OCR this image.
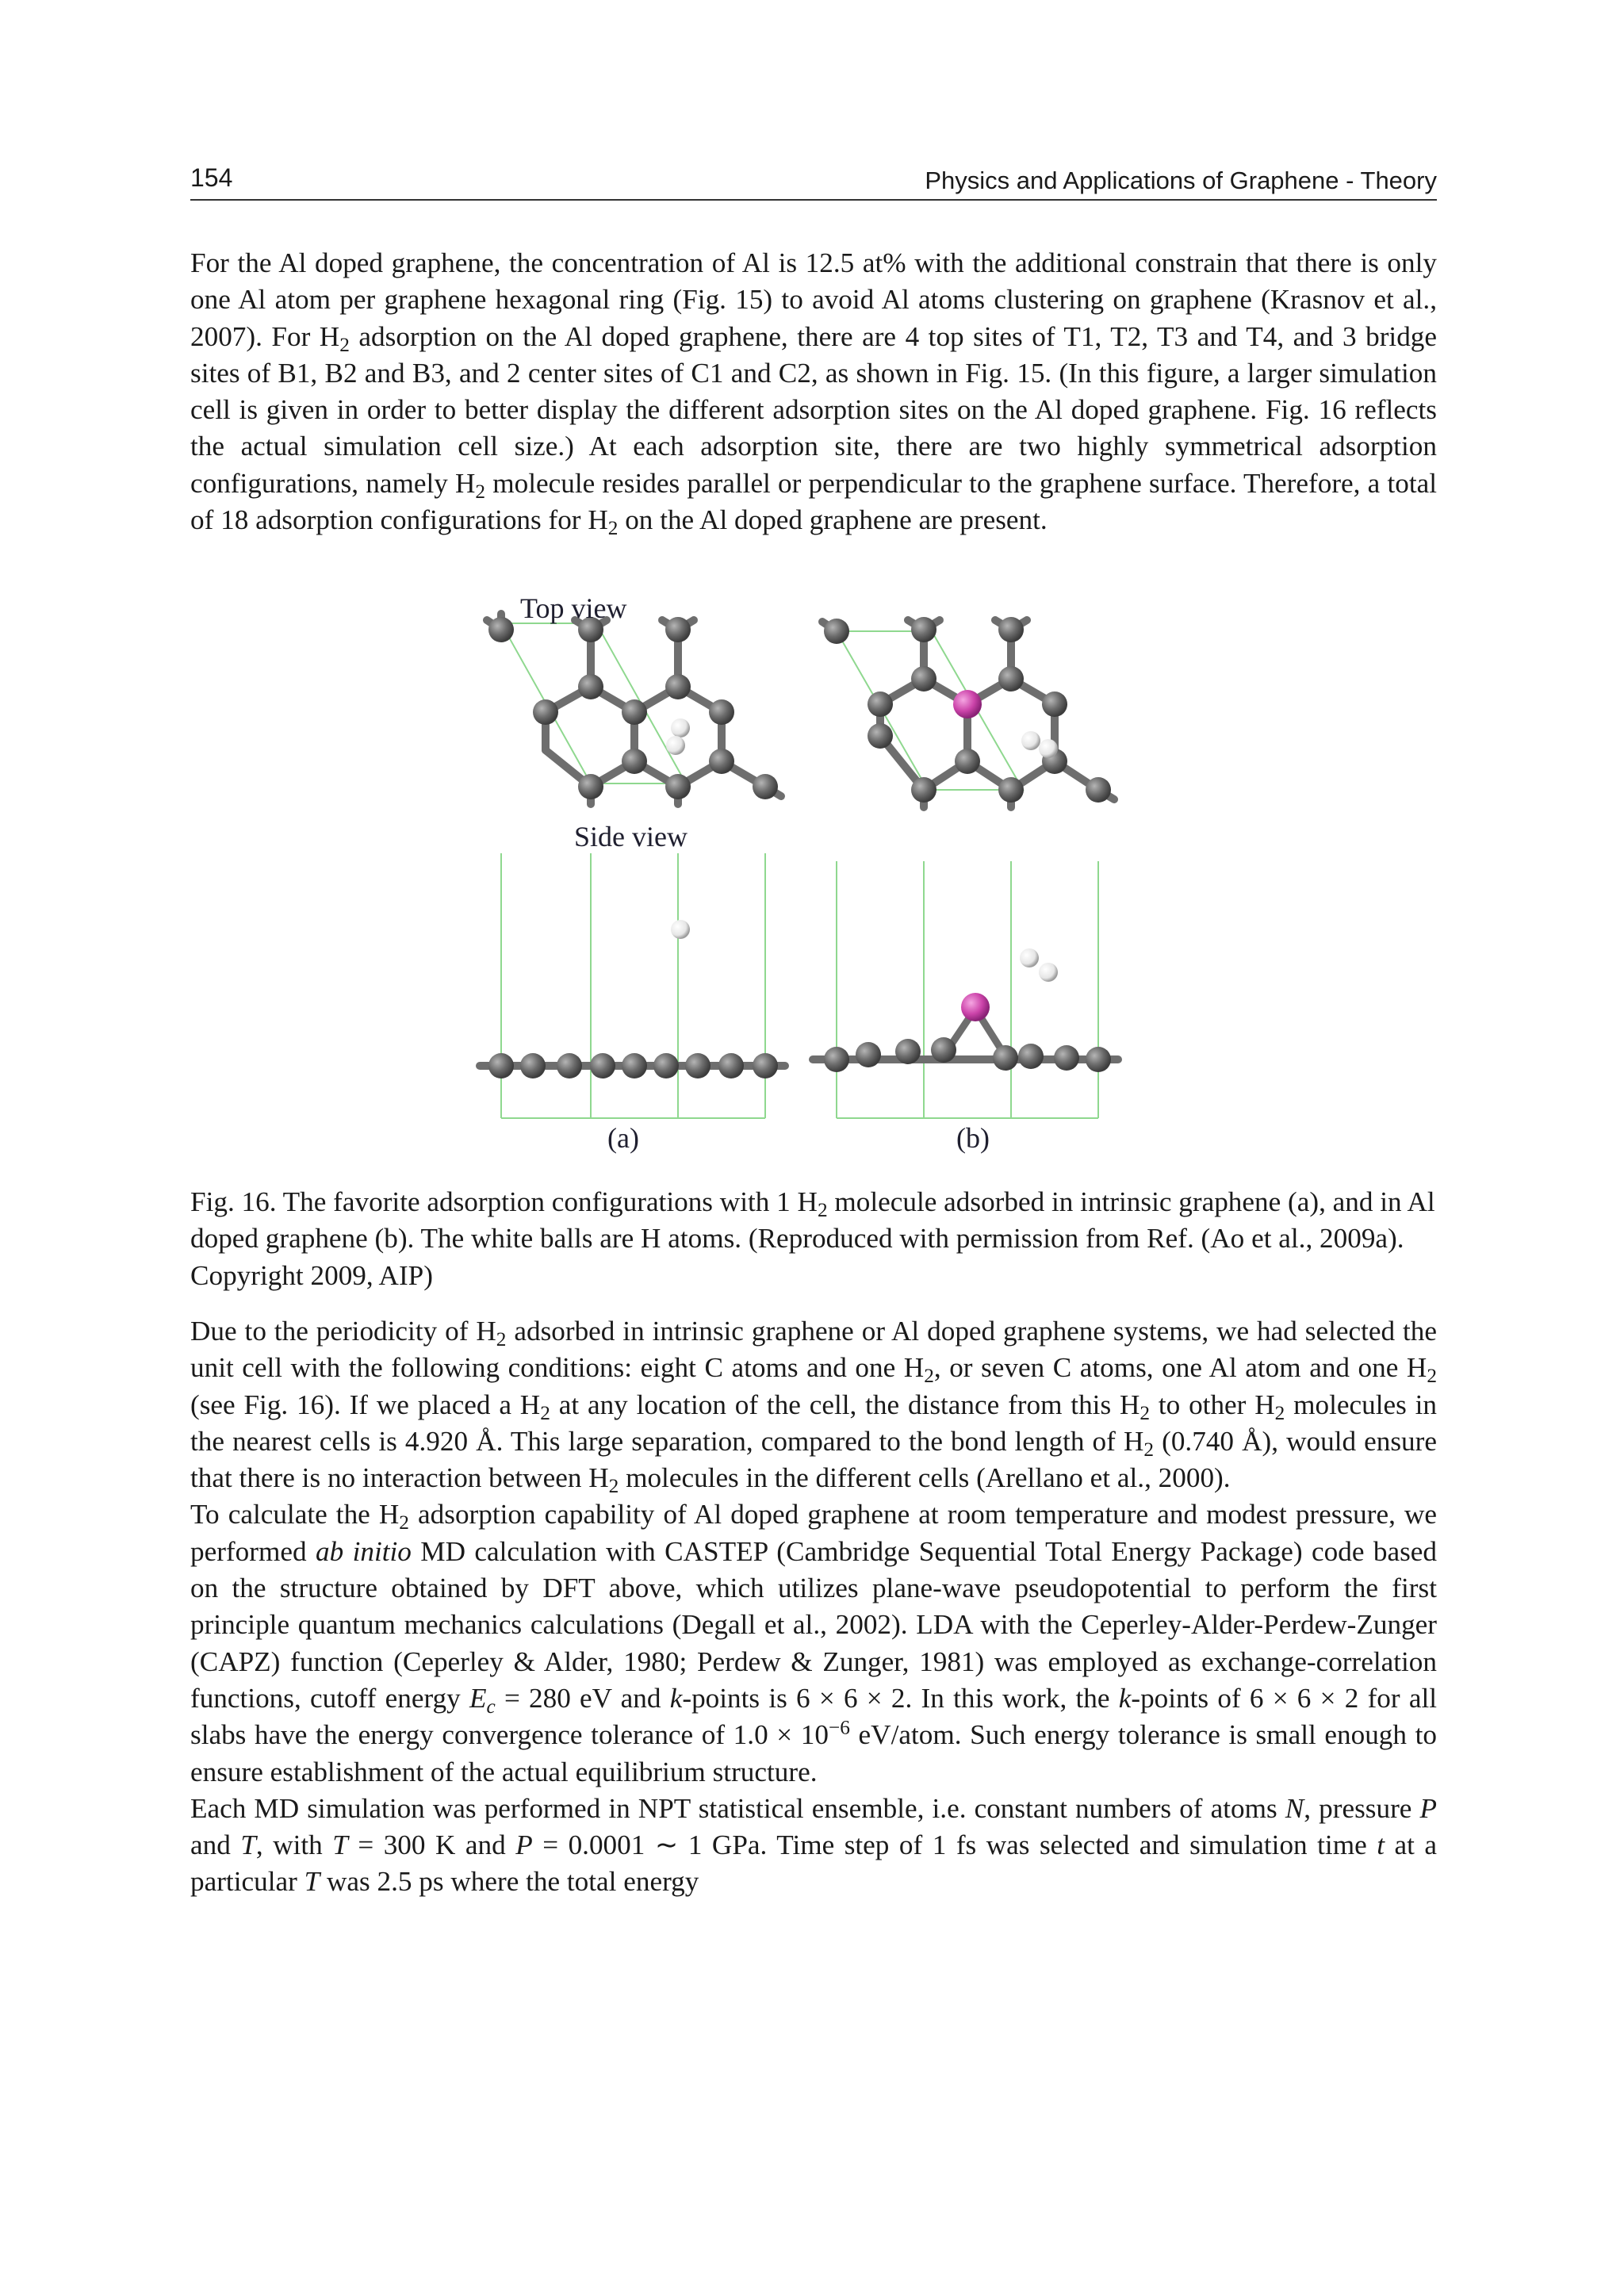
154	Physics and Applications of Graphene - Theory

For the Al doped graphene, the concentration of Al is 12.5 at% with the additional constrain that there is only one Al atom per graphene hexagonal ring (Fig. 15) to avoid Al atoms clustering on graphene (Krasnov et al., 2007). For $H_2$ adsorption on the Al doped graphene, there are 4 top sites of T1, T2, T3 and T4, and 3 bridge sites of B1, B2 and B3, and 2 center sites of C1 and C2, as shown in Fig. 15. (In this figure, a larger simulation cell is given in order to better display the different adsorption sites on the Al doped graphene. Fig. 16 reflects the actual simulation cell size.) At each adsorption site, there are two highly symmetrical adsorption configurations, namely $H_2$ molecule resides parallel or perpendicular to the graphene surface. Therefore, a total of 18 adsorption configurations for $H_2$ on the Al doped graphene are present.

Top view
Side view
(a)	(b)
Fig. 16. The favorite adsorption configurations with 1 $H_2$ molecule adsorbed in intrinsic graphene (a), and in Al doped graphene (b). The white balls are H atoms. (Reproduced with permission from Ref. (Ao et al., 2009a). Copyright 2009, AIP)

Due to the periodicity of $H_2$ adsorbed in intrinsic graphene or Al doped graphene systems, we had selected the unit cell with the following conditions: eight C atoms and one $H_2$, or seven C atoms, one Al atom and one $H_2$ (see Fig. 16). If we placed a $H_2$ at any location of the cell, the distance from this $H_2$ to other $H_2$ molecules in the nearest cells is 4.920 Å. This large separation, compared to the bond length of $H_2$ (0.740 Å), would ensure that there is no interaction between $H_2$ molecules in the different cells (Arellano et al., 2000).

To calculate the $H_2$ adsorption capability of Al doped graphene at room temperature and modest pressure, we performed ab initio MD calculation with CASTEP (Cambridge Sequential Total Energy Package) code based on the structure obtained by DFT above, which utilizes plane-wave pseudopotential to perform the first principle quantum mechanics calculations (Degall et al., 2002). LDA with the Ceperley-Alder-Perdew-Zunger (CAPZ) function (Ceperley & Alder, 1980; Perdew & Zunger, 1981) was employed as exchange-correlation functions, cutoff energy $E_c = 280$ eV and k-points is 6 × 6 × 2. In this work, the k-points of 6 × 6 × 2 for all slabs have the energy convergence tolerance of $1.0 \times 10^{-6}$ eV/atom. Such energy tolerance is small enough to ensure establishment of the actual equilibrium structure.

Each MD simulation was performed in NPT statistical ensemble, i.e. constant numbers of atoms N, pressure P and T, with T = 300 K and P = 0.0001 ∼ 1 GPa. Time step of 1 fs was selected and simulation time t at a particular T was 2.5 ps where the total energy
